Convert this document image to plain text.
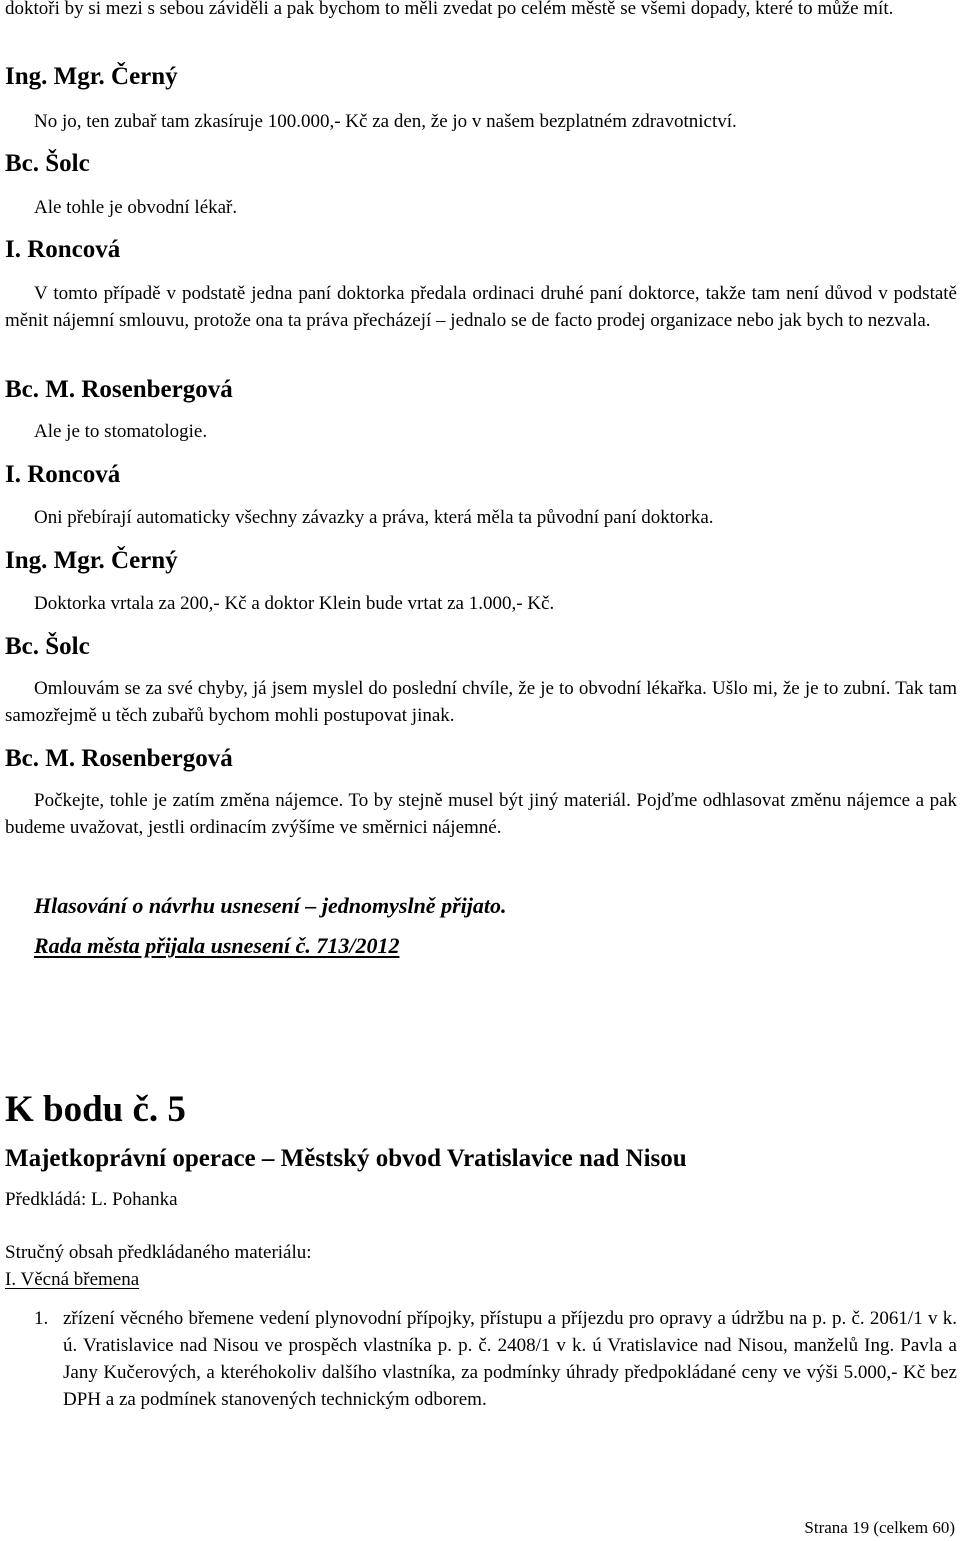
doktoři by si mezi s sebou závidělі a pak bychom to měli zvedat po celém městě se všemi dopady, které to může mít.
Ing. Mgr. Černý
No jo, ten zubař tam zkasíruje 100.000,- Kč za den, že jo v našem bezplatném zdravotnictví.
Bc. Šolc
Ale tohle je obvodní lékař.
I. Roncová
V tomto případě v podstatě jedna paní doktorka předala ordinaci druhé paní doktorce, takže tam není důvod v podstatě měnit nájemní smlouvu, protože ona ta práva přecházejí – jednalo se de facto prodej organizace nebo jak bych to nezvala.
Bc. M. Rosenbergová
Ale je to stomatologie.
I. Roncová
Oni přebírají automaticky všechny závazky a práva, která měla ta původní paní doktorka.
Ing. Mgr. Černý
Doktorka vrtala za 200,- Kč a doktor Klein bude vrtat za 1.000,- Kč.
Bc. Šolc
Omlouvám se za své chyby, já jsem myslel do poslední chvíle, že je to obvodní lékařka. Ušlo mi, že je to zubní. Tak tam samozřejmě u těch zubařů bychom mohli postupovat jinak.
Bc. M. Rosenbergová
Počkejte, tohle je zatím změna nájemce. To by stejně musel být jiný materiál. Pojďme odhlasovat změnu nájemce a pak budeme uvažovat, jestli ordinacím zvýšíme ve směrnici nájemné.
Hlasování o návrhu usnesení – jednomyslně přijato.
Rada města přijala usnesení č. 713/2012
K bodu č. 5
Majetkoprávní operace – Městský obvod Vratislavice nad Nisou
Předkládá: L. Pohanka
Stručný obsah předkládaného materiálu:
I. Věcná břemena
1. zřízení věcného břemene vedení plynovodní přípojky, přístupu a příjezdu pro opravy a údržbu na p. p. č. 2061/1 v k. ú. Vratislavice nad Nisou ve prospěch vlastníka p. p. č. 2408/1 v k. ú Vratislavice nad Nisou, manželů Ing. Pavla a Jany Kučerových, a kteréhokoliv dalšího vlastníka, za podmínky úhrady předpokládané ceny ve výši 5.000,- Kč bez DPH a za podmínek stanovených technickým odborem.
Strana 19 (celkem 60)
